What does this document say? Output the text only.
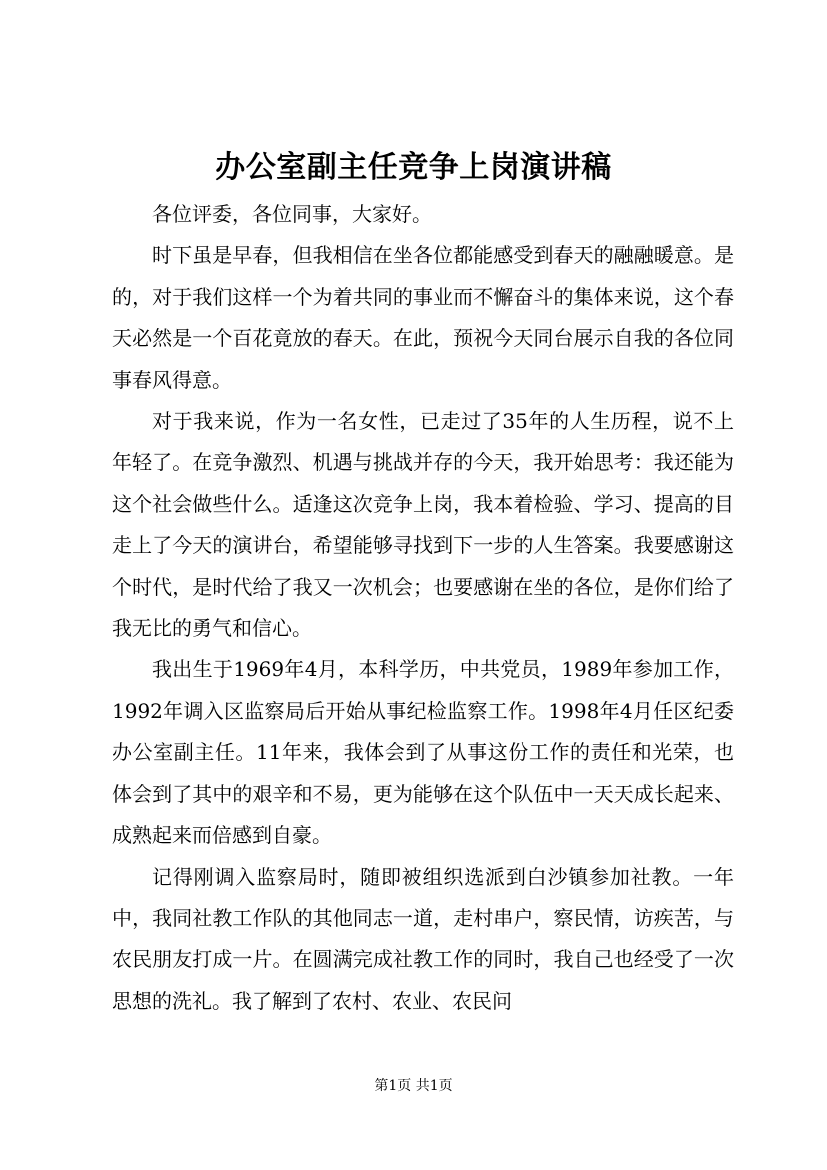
办公室副主任竞争上岗演讲稿

各位评委，各位同事，大家好。

时下虽是早春，但我相信在坐各位都能感受到春天的融融暖意。是的，对于我们这样一个为着共同的事业而不懈奋斗的集体来说，这个春天必然是一个百花竟放的春天。在此，预祝今天同台展示自我的各位同事春风得意。

对于我来说，作为一名女性，已走过了35年的人生历程，说不上年轻了。在竞争激烈、机遇与挑战并存的今天，我开始思考：我还能为这个社会做些什么。适逢这次竞争上岗，我本着检验、学习、提高的目走上了今天的演讲台，希望能够寻找到下一步的人生答案。我要感谢这个时代，是时代给了我又一次机会；也要感谢在坐的各位，是你们给了我无比的勇气和信心。

我出生于1969年4月，本科学历，中共党员，1989年参加工作，1992年调入区监察局后开始从事纪检监察工作。1998年4月任区纪委办公室副主任。11年来，我体会到了从事这份工作的责任和光荣，也体会到了其中的艰辛和不易，更为能够在这个队伍中一天天成长起来、成熟起来而倍感到自豪。

记得刚调入监察局时，随即被组织选派到白沙镇参加社教。一年中，我同社教工作队的其他同志一道，走村串户，察民情，访疾苦，与农民朋友打成一片。在圆满完成社教工作的同时，我自己也经受了一次思想的洗礼。我了解到了农村、农业、农民问

第1页 共1页
